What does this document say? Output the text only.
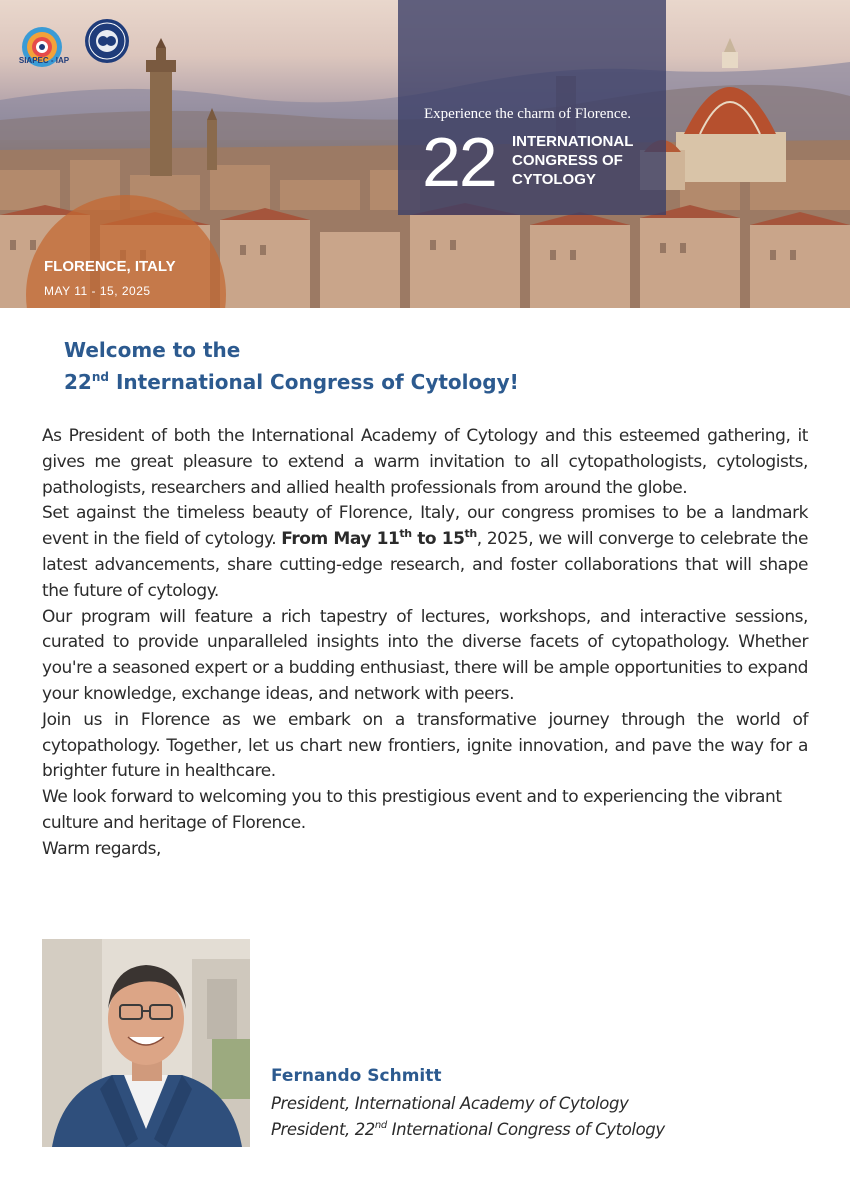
SIAPEC - IAP
Experience the charm of Florence.
22 INTERNATIONAL
CONGRESS OF
CYTOLOGY
FLORENCE, ITALY
MAY 11 - 15, 2025
Welcome to the
22nd International Congress of Cytology!

As President of both the International Academy of Cytology and this esteemed gathering, it gives me great pleasure to extend a warm invitation to all cytopathologists, cytologists, pathologists, researchers and allied health professionals from around the globe.

Set against the timeless beauty of Florence, Italy, our congress promises to be a landmark event in the field of cytology. From May 11th to 15th, 2025, we will converge to celebrate the latest advancements, share cutting-edge research, and foster collaborations that will shape the future of cytology.

Our program will feature a rich tapestry of lectures, workshops, and interactive sessions, curated to provide unparalleled insights into the diverse facets of cytopathology. Whether you're a seasoned expert or a budding enthusiast, there will be ample opportunities to expand your knowledge, exchange ideas, and network with peers.

Join us in Florence as we embark on a transformative journey through the world of cytopathology. Together, let us chart new frontiers, ignite innovation, and pave the way for a brighter future in healthcare.

We look forward to welcoming you to this prestigious event and to experiencing the vibrant culture and heritage of Florence.

Warm regards,

Fernando Schmitt
President, International Academy of Cytology
President, 22nd International Congress of Cytology
